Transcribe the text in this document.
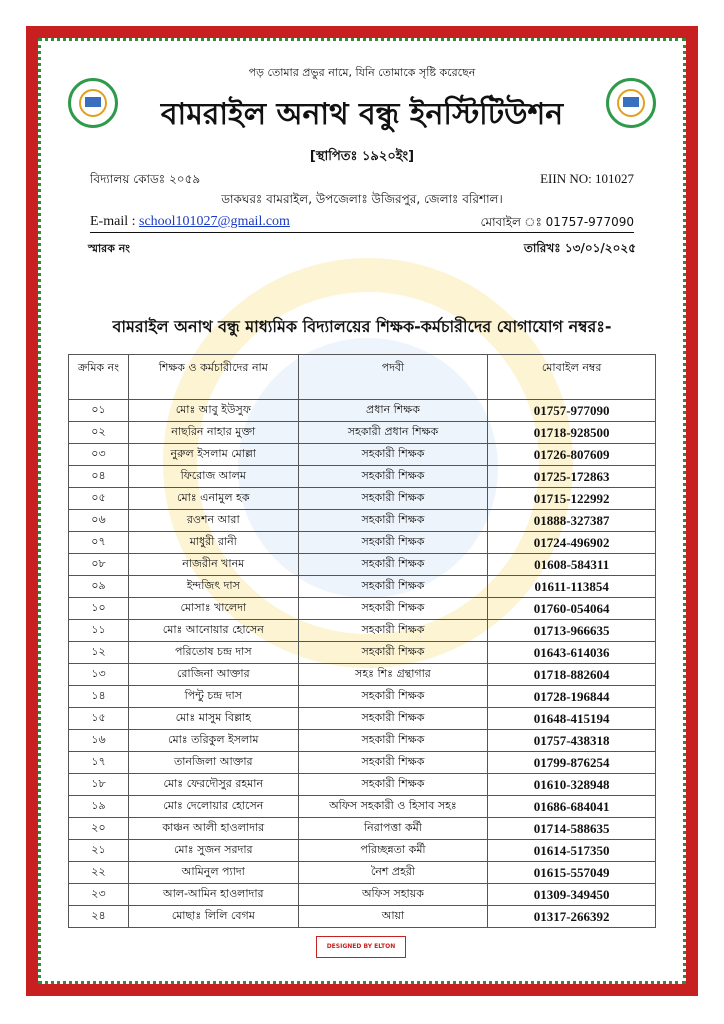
পড় তোমার প্রভুর নামে, যিনি তোমাকে সৃষ্টি করেছেন
বামরাইল অনাথ বন্ধু ইনস্টিটিউশন
[স্থাপিতঃ ১৯২০ইং]
বিদ্যালয় কোডঃ ২০৫৯	EIIN NO: 101027
ডাকঘরঃ বামরাইল, উপজেলাঃ উজিরপুর, জেলাঃ বরিশাল।
E-mail : school101027@gmail.com	মোবাইল ঃ 01757-977090
স্মারক নং	তারিখঃ ১৩/০১/২০২৫
বামরাইল অনাথ বন্ধু মাধ্যমিক বিদ্যালয়ের শিক্ষক-কর্মচারীদের যোগাযোগ নম্বরঃ-
ক্রমিক নং	শিক্ষক ও কর্মচারীদের নাম	পদবী	মোবাইল নম্বর
০১	মোঃ আবু ইউসুফ	প্রধান শিক্ষক	01757-977090
০২	নাছরিন নাহার মুক্তা	সহকারী প্রধান শিক্ষক	01718-928500
০৩	নুরুল ইসলাম মোল্লা	সহকারী শিক্ষক	01726-807609
০৪	ফিরোজ আলম	সহকারী শিক্ষক	01725-172863
০৫	মোঃ এনামুল হক	সহকারী শিক্ষক	01715-122992
০৬	রওশন আরা	সহকারী শিক্ষক	01888-327387
০৭	মাধুরী রানী	সহকারী শিক্ষক	01724-496902
০৮	নাজরীন খানম	সহকারী শিক্ষক	01608-584311
০৯	ইন্দজিৎ দাস	সহকারী শিক্ষক	01611-113854
১০	মোসাঃ খালেদা	সহকারী শিক্ষক	01760-054064
১১	মোঃ আনোয়ার হোসেন	সহকারী শিক্ষক	01713-966635
১২	পরিতোষ চন্দ্র দাস	সহকারী শিক্ষক	01643-614036
১৩	রোজিনা আক্তার	সহঃ শিঃ গ্রন্থাগার	01718-882604
১৪	পিন্টু চন্দ্র দাস	সহকারী শিক্ষক	01728-196844
১৫	মোঃ মাসুম বিল্লাহ	সহকারী শিক্ষক	01648-415194
১৬	মোঃ তরিকুল ইসলাম	সহকারী শিক্ষক	01757-438318
১৭	তানজিলা আক্তার	সহকারী শিক্ষক	01799-876254
১৮	মোঃ ফেরদৌসুর রহমান	সহকারী শিক্ষক	01610-328948
১৯	মোঃ দেলোয়ার হোসেন	অফিস সহকারী ও হিসাব সহঃ	01686-684041
২০	কাঞ্চন আলী হাওলাদার	নিরাপত্তা কর্মী	01714-588635
২১	মোঃ সুজন সরদার	পরিচ্ছন্নতা কর্মী	01614-517350
২২	আমিনুল প্যাদা	নৈশ প্রহরী	01615-557049
২৩	আল-আমিন হাওলাদার	অফিস সহায়ক	01309-349450
২৪	মোছাঃ লিলি বেগম	আয়া	01317-266392
DESIGNED BY ELTON
